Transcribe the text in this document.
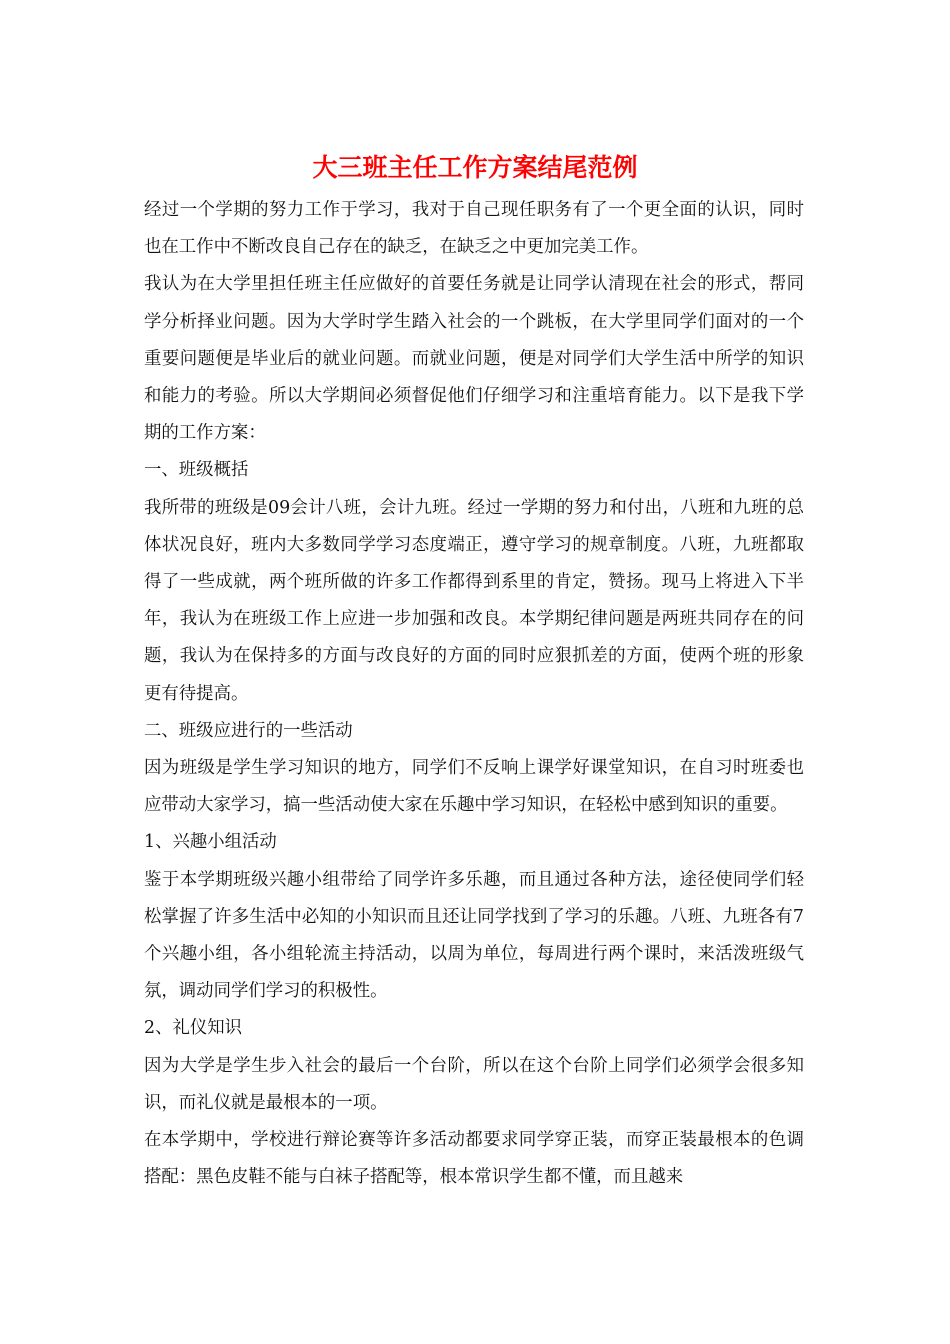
大三班主任工作方案结尾范例

经过一个学期的努力工作于学习，我对于自己现任职务有了一个更全面的认识，同时也在工作中不断改良自己存在的缺乏，在缺乏之中更加完美工作。

我认为在大学里担任班主任应做好的首要任务就是让同学认清现在社会的形式，帮同学分析择业问题。因为大学时学生踏入社会的一个跳板，在大学里同学们面对的一个重要问题便是毕业后的就业问题。而就业问题，便是对同学们大学生活中所学的知识和能力的考验。所以大学期间必须督促他们仔细学习和注重培育能力。以下是我下学期的工作方案：

一、班级概括

我所带的班级是09会计八班，会计九班。经过一学期的努力和付出，八班和九班的总体状况良好，班内大多数同学学习态度端正，遵守学习的规章制度。八班，九班都取得了一些成就，两个班所做的许多工作都得到系里的肯定，赞扬。现马上将进入下半年，我认为在班级工作上应进一步加强和改良。本学期纪律问题是两班共同存在的问题，我认为在保持多的方面与改良好的方面的同时应狠抓差的方面，使两个班的形象更有待提高。

二、班级应进行的一些活动

因为班级是学生学习知识的地方，同学们不反响上课学好课堂知识，在自习时班委也应带动大家学习，搞一些活动使大家在乐趣中学习知识，在轻松中感到知识的重要。

1、兴趣小组活动

鉴于本学期班级兴趣小组带给了同学许多乐趣，而且通过各种方法，途径使同学们轻松掌握了许多生活中必知的小知识而且还让同学找到了学习的乐趣。八班、九班各有7个兴趣小组，各小组轮流主持活动，以周为单位，每周进行两个课时，来活泼班级气氛，调动同学们学习的积极性。

2、礼仪知识

因为大学是学生步入社会的最后一个台阶，所以在这个台阶上同学们必须学会很多知识，而礼仪就是最根本的一项。

在本学期中，学校进行辩论赛等许多活动都要求同学穿正装，而穿正装最根本的色调搭配：黑色皮鞋不能与白袜子搭配等，根本常识学生都不懂，而且越来
